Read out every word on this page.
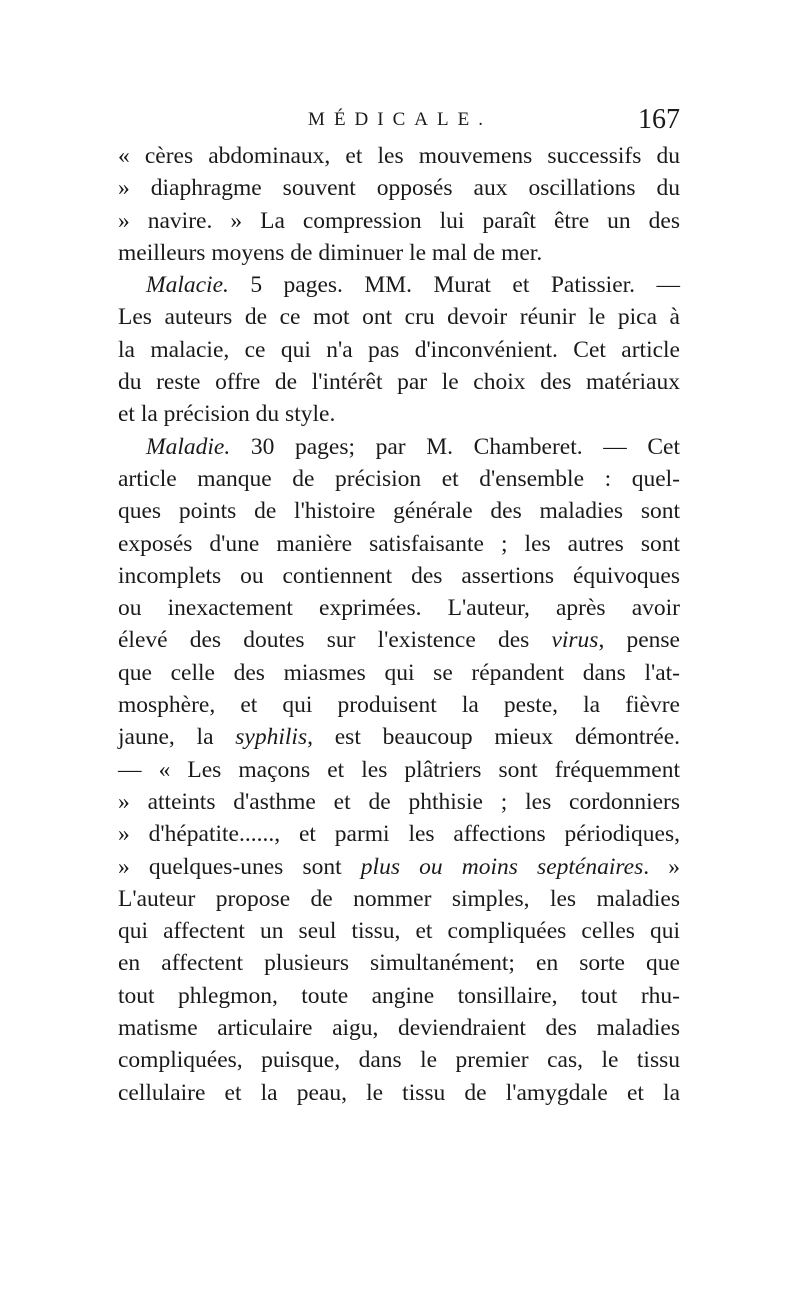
MÉDICALE.	167
« cères abdominaux, et les mouvemens successifs du
» diaphragme souvent opposés aux oscillations du
» navire. » La compression lui paraît être un des
meilleurs moyens de diminuer le mal de mer.
Malacie. 5 pages. MM. Murat et Patissier. —
Les auteurs de ce mot ont cru devoir réunir le pica à
la malacie, ce qui n'a pas d'inconvénient. Cet article
du reste offre de l'intérêt par le choix des matériaux
et la précision du style.
Maladie. 30 pages; par M. Chamberet. — Cet
article manque de précision et d'ensemble : quel-
ques points de l'histoire générale des maladies sont
exposés d'une manière satisfaisante ; les autres sont
incomplets ou contiennent des assertions équivoques
ou inexactement exprimées. L'auteur, après avoir
élevé des doutes sur l'existence des virus, pense
que celle des miasmes qui se répandent dans l'at-
mosphère, et qui produisent la peste, la fièvre
jaune, la syphilis, est beaucoup mieux démontrée.
— « Les maçons et les plâtriers sont fréquemment
» atteints d'asthme et de phthisie ; les cordonniers
» d'hépatite......, et parmi les affections périodiques,
» quelques-unes sont plus ou moins septénaires. »
L'auteur propose de nommer simples, les maladies
qui affectent un seul tissu, et compliquées celles qui
en affectent plusieurs simultanément; en sorte que
tout phlegmon, toute angine tonsillaire, tout rhu-
matisme articulaire aigu, deviendraient des maladies
compliquées, puisque, dans le premier cas, le tissu
cellulaire et la peau, le tissu de l'amygdale et la
